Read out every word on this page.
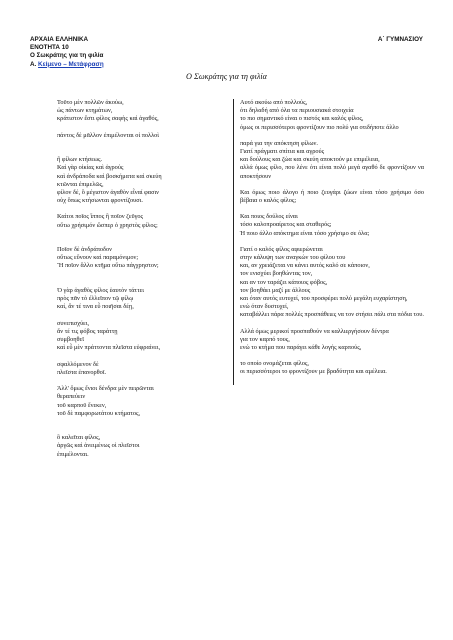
ΑΡΧΑΙΑ ΕΛΛΗΝΙΚΑ
ΕΝΟΤΗΤΑ 10
Ο Σωκράτης για τη φιλία
Α. Κείμενο – Μετάφραση
Α΄ ΓΥΜΝΑΣΙΟΥ
Ο Σωκράτης για τη φιλία
Τοῦτο μὲν πολλῶν ἀκούω,
ὡς πάντων κτημάτων,
κράτιστον ἔστι φίλος σαφὴς καὶ ἀγαθός,

πάντος δὲ μᾶλλον ἐπιμέλονται οἱ πολλοὶ

ἢ φίλων κτήσεως.
Καὶ γὰρ οἰκίας καὶ ἀγρούς
καὶ ἀνδράποδα καὶ βοσκήματα καὶ σκεύη
κτῶνται ἐπιμελῶς,
φίλον δέ, ὃ μέγιστον ἀγαθὸν εἶναί φασιν
οὐχ ὅπως κτήσωνται φροντίζουσι.
Καίτοι ποῖος ἵππος ἢ ποῖον ζεῦγος
οὕτω χρήσιμόν ὥσπερ ὁ χρηστὸς φίλος;

Ποῖον δὲ ἀνδράποδον
οὕτως εὔνουν καὶ παραμόνιμον;
Ἢ ποῖον ἄλλο κτῆμα οὕτω πάγχρηστον;

Ὁ γὰρ ἀγαθὸς φίλος ἑαυτὸν τάττει
πρὸς πᾶν τὸ ἐλλεῖπον τῷ φίλῳ
καί, ἄν τέ τινα εὖ ποιῆσαι δέῃ,

συνεπισχύει,
ἄν τέ τις φόβος ταράττῃ
συμβοηθεῖ
καὶ εὖ μὲν πράττοντα πλεῖστα εὐφραίνει,

σφαλλόμενον δὲ
πλεῖστα ἐπανορθοῖ.
Ἀλλ' ὅμως ἔνιοι δένδρα μὲν πειρῶνται
θεραπεύειν
τοῦ καρποῦ ἕνεκεν,
τοῦ δὲ παμφορωτάτου κτήματος,

ὃ καλεῖται φίλος,
ἀργῶς καὶ ἀνειμένως οἱ πλεῖστοι
ἐπιμέλονται.
Αυτό ακούω από πολλούς,
ότι δηλαδή από όλα τα περιουσιακά στοιχεία
το πιο σημαντικό είναι ο πιστός και καλός φίλος,
όμως οι περισσότεροι φροντίζουν πιο πολύ για οτιδήποτε άλλο
παρά για την απόκτηση φίλων.
Γιατί πράγματι σπίτια και αγρούς
και δούλους και ζώα και σκεύη αποκτούν με επιμέλεια,
αλλά όμως φίλο, που λένε ότι είναι πολύ μεγά αγαθό δε φροντίζουν να αποκτήσουν
Και όμως ποιο άλογο ή ποιο ζευγάρι ζώων είναι τόσο χρήσιμο όσο βέβαια ο καλός φίλος;
Και ποιος δούλος είναι
τόσο καλοπροαίρετος και σταθερός;
Ή ποιο άλλο απόκτημα είναι τόσο χρήσιμο σε όλα;
Γιατί ο καλός φίλος αφιερώνεται
στην κάλυψη των αναγκών του φίλου του
και, αν χρειάζεται να κάνει αυτός καλό σε κάποιον,
τον ενισχύει βοηθώντας τον,
και αν τον ταράζει κάποιος φόβος,
τον βοηθάει μαζί με άλλους
και όταν αυτός ευτυχεί, του προσφέρει πολύ μεγάλη ευχαρίστηση,
ενώ όταν δυστυχεί,
καταβάλλει πάρα πολλές προσπάθειες να τον στήσει πάλι στα πόδια του.
Αλλά όμως μερικοί προσπαθούν να καλλιεργήσουν δέντρα
για τον καρπό τους,
ενώ το κτήμα που παράγει κάθε λογής καρπούς,
το οποίο ονομάζεται φίλος,
οι περισσότεροι το φροντίζουν με βραδύτητα και αμέλεια.
